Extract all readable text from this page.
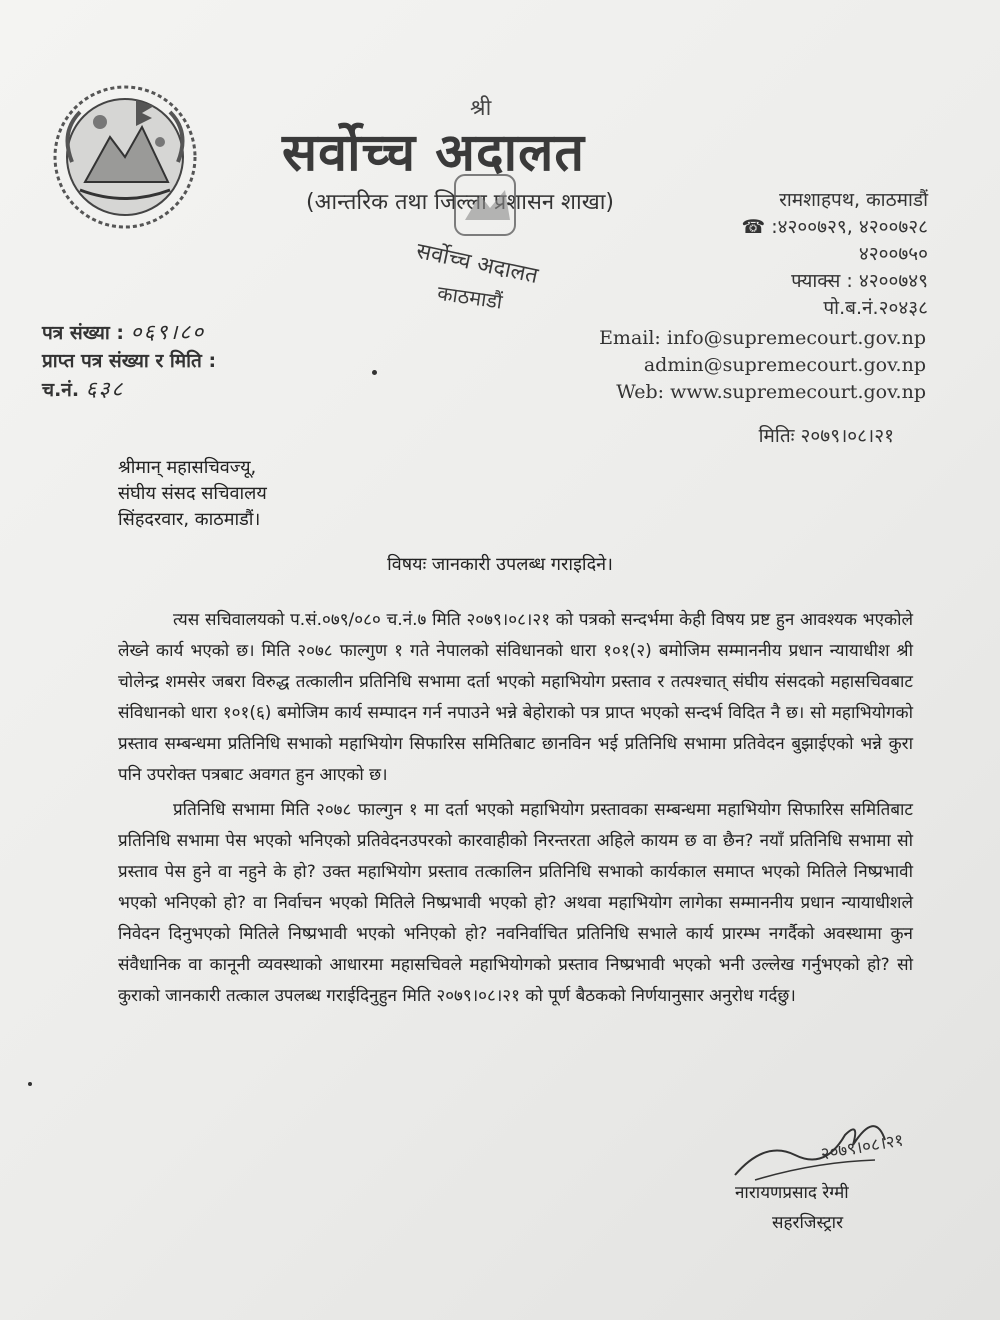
श्री
सर्वोच्च अदालत
(आन्तरिक तथा जिल्ला प्रशासन शाखा)
सर्वोच्च अदालत
काठमाडौं
रामशाहपथ, काठमाडौं
☎ :४२००७२९, ४२००७२८
४२००७५०
फ्याक्स : ४२००७४९
पो.ब.नं.२०४३८
Email: info@supremecourt.gov.np
admin@supremecourt.gov.np
Web: www.supremecourt.gov.np
पत्र संख्या : ०६९।८०
प्राप्त पत्र संख्या र मिति :
च.नं. ६३८
मितिः २०७९।०८।२१
श्रीमान् महासचिवज्यू,
संघीय संसद सचिवालय
सिंहदरवार, काठमाडौं।
विषयः जानकारी उपलब्ध गराइदिने।

त्यस सचिवालयको प.सं.०७९/०८० च.नं.७ मिति २०७९।०८।२१ को पत्रको सन्दर्भमा केही विषय प्रष्ट हुन आवश्यक भएकोले लेख्ने कार्य भएको छ। मिति २०७८ फाल्गुण १ गते नेपालको संविधानको धारा १०१(२) बमोजिम सम्माननीय प्रधान न्यायाधीश श्री चोलेन्द्र शमसेर जबरा विरुद्ध तत्कालीन प्रतिनिधि सभामा दर्ता भएको महाभियोग प्रस्ताव र तत्पश्चात् संघीय संसदको महासचिवबाट संविधानको धारा १०१(६) बमोजिम कार्य सम्पादन गर्न नपाउने भन्ने बेहोराको पत्र प्राप्त भएको सन्दर्भ विदित नै छ। सो महाभियोगको प्रस्ताव सम्बन्धमा प्रतिनिधि सभाको महाभियोग सिफारिस समितिबाट छानविन भई प्रतिनिधि सभामा प्रतिवेदन बुझाईएको भन्ने कुरा पनि उपरोक्त पत्रबाट अवगत हुन आएको छ।

प्रतिनिधि सभामा मिति २०७८ फाल्गुन १ मा दर्ता भएको महाभियोग प्रस्तावका सम्बन्धमा महाभियोग सिफारिस समितिबाट प्रतिनिधि सभामा पेस भएको भनिएको प्रतिवेदनउपरको कारवाहीको निरन्तरता अहिले कायम छ वा छैन? नयाँ प्रतिनिधि सभामा सो प्रस्ताव पेस हुने वा नहुने के हो? उक्त महाभियोग प्रस्ताव तत्कालिन प्रतिनिधि सभाको कार्यकाल समाप्त भएको मितिले निष्प्रभावी भएको भनिएको हो? वा निर्वाचन भएको मितिले निष्प्रभावी भएको हो? अथवा महाभियोग लागेका सम्माननीय प्रधान न्यायाधीशले निवेदन दिनुभएको मितिले निष्प्रभावी भएको भनिएको हो? नवनिर्वाचित प्रतिनिधि सभाले कार्य प्रारम्भ नगर्दैको अवस्थामा कुन संवैधानिक वा कानूनी व्यवस्थाको आधारमा महासचिवले महाभियोगको प्रस्ताव निष्प्रभावी भएको भनी उल्लेख गर्नुभएको हो? सो कुराको जानकारी तत्काल उपलब्ध गराईदिनुहुन मिति २०७९।०८।२१ को पूर्ण बैठकको निर्णयानुसार अनुरोध गर्दछु।

२०७९।०८।२१
नारायणप्रसाद रेग्मी
सहरजिस्ट्रार
